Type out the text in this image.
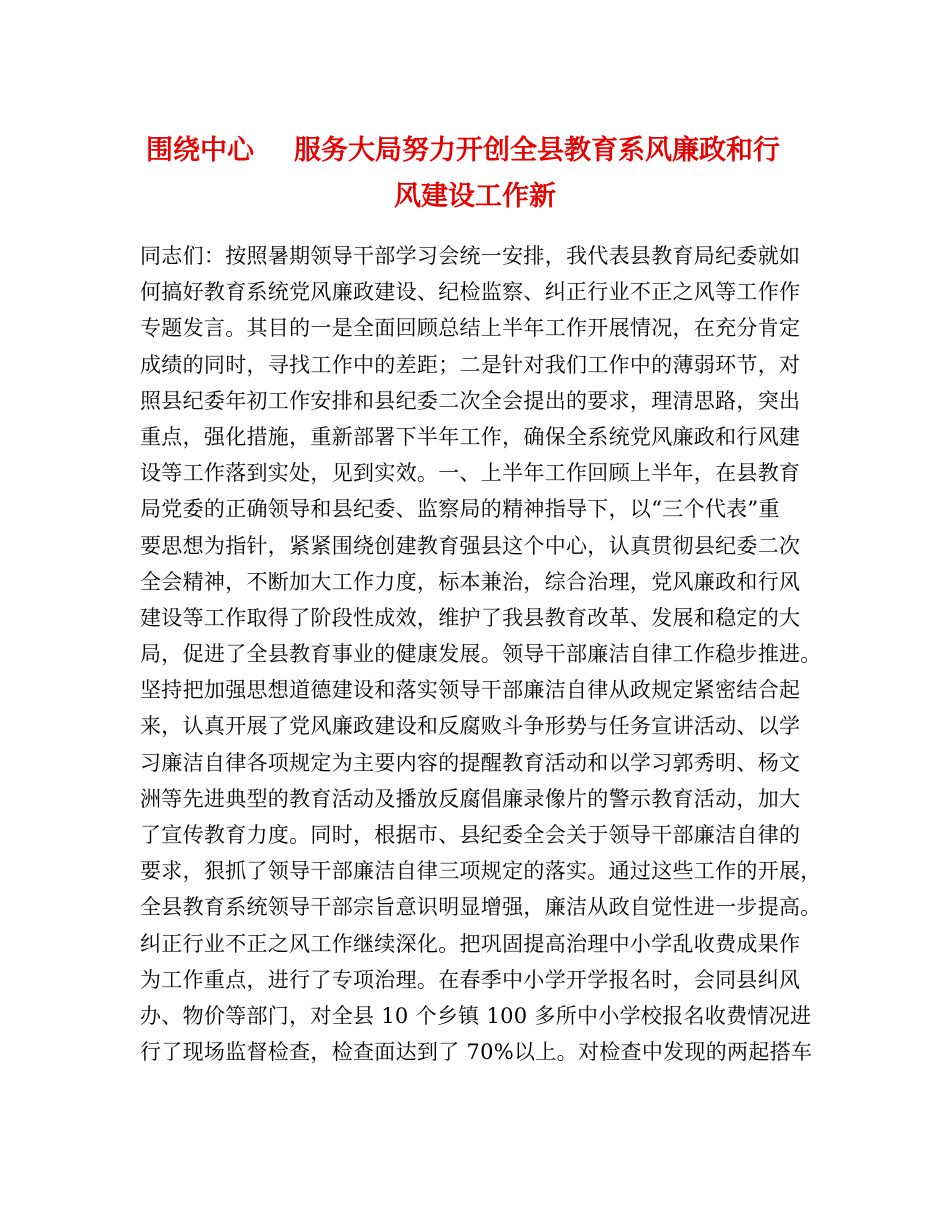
围绕中心 服务大局努力开创全县教育系风廉政和行
风建设工作新
同志们：按照暑期领导干部学习会统一安排，我代表县教育局纪委就如
何搞好教育系统党风廉政建设、纪检监察、纠正行业不正之风等工作作
专题发言。其目的一是全面回顾总结上半年工作开展情况，在充分肯定
成绩的同时，寻找工作中的差距；二是针对我们工作中的薄弱环节，对
照县纪委年初工作安排和县纪委二次全会提出的要求，理清思路，突出
重点，强化措施，重新部署下半年工作，确保全系统党风廉政和行风建
设等工作落到实处，见到实效。一、上半年工作回顾上半年，在县教育
局党委的正确领导和县纪委、监察局的精神指导下，以“三个代表”重
要思想为指针，紧紧围绕创建教育强县这个中心，认真贯彻县纪委二次
全会精神，不断加大工作力度，标本兼治，综合治理，党风廉政和行风
建设等工作取得了阶段性成效，维护了我县教育改革、发展和稳定的大
局，促进了全县教育事业的健康发展。领导干部廉洁自律工作稳步推进。
坚持把加强思想道德建设和落实领导干部廉洁自律从政规定紧密结合起
来，认真开展了党风廉政建设和反腐败斗争形势与任务宣讲活动、以学
习廉洁自律各项规定为主要内容的提醒教育活动和以学习郭秀明、杨文
洲等先进典型的教育活动及播放反腐倡廉录像片的警示教育活动，加大
了宣传教育力度。同时，根据市、县纪委全会关于领导干部廉洁自律的
要求，狠抓了领导干部廉洁自律三项规定的落实。通过这些工作的开展，
全县教育系统领导干部宗旨意识明显增强，廉洁从政自觉性进一步提高。
纠正行业不正之风工作继续深化。把巩固提高治理中小学乱收费成果作
为工作重点，进行了专项治理。在春季中小学开学报名时，会同县纠风
办、物价等部门，对全县 10 个乡镇 100 多所中小学校报名收费情况进
行了现场监督检查，检查面达到了 70%以上。对检查中发现的两起搭车
